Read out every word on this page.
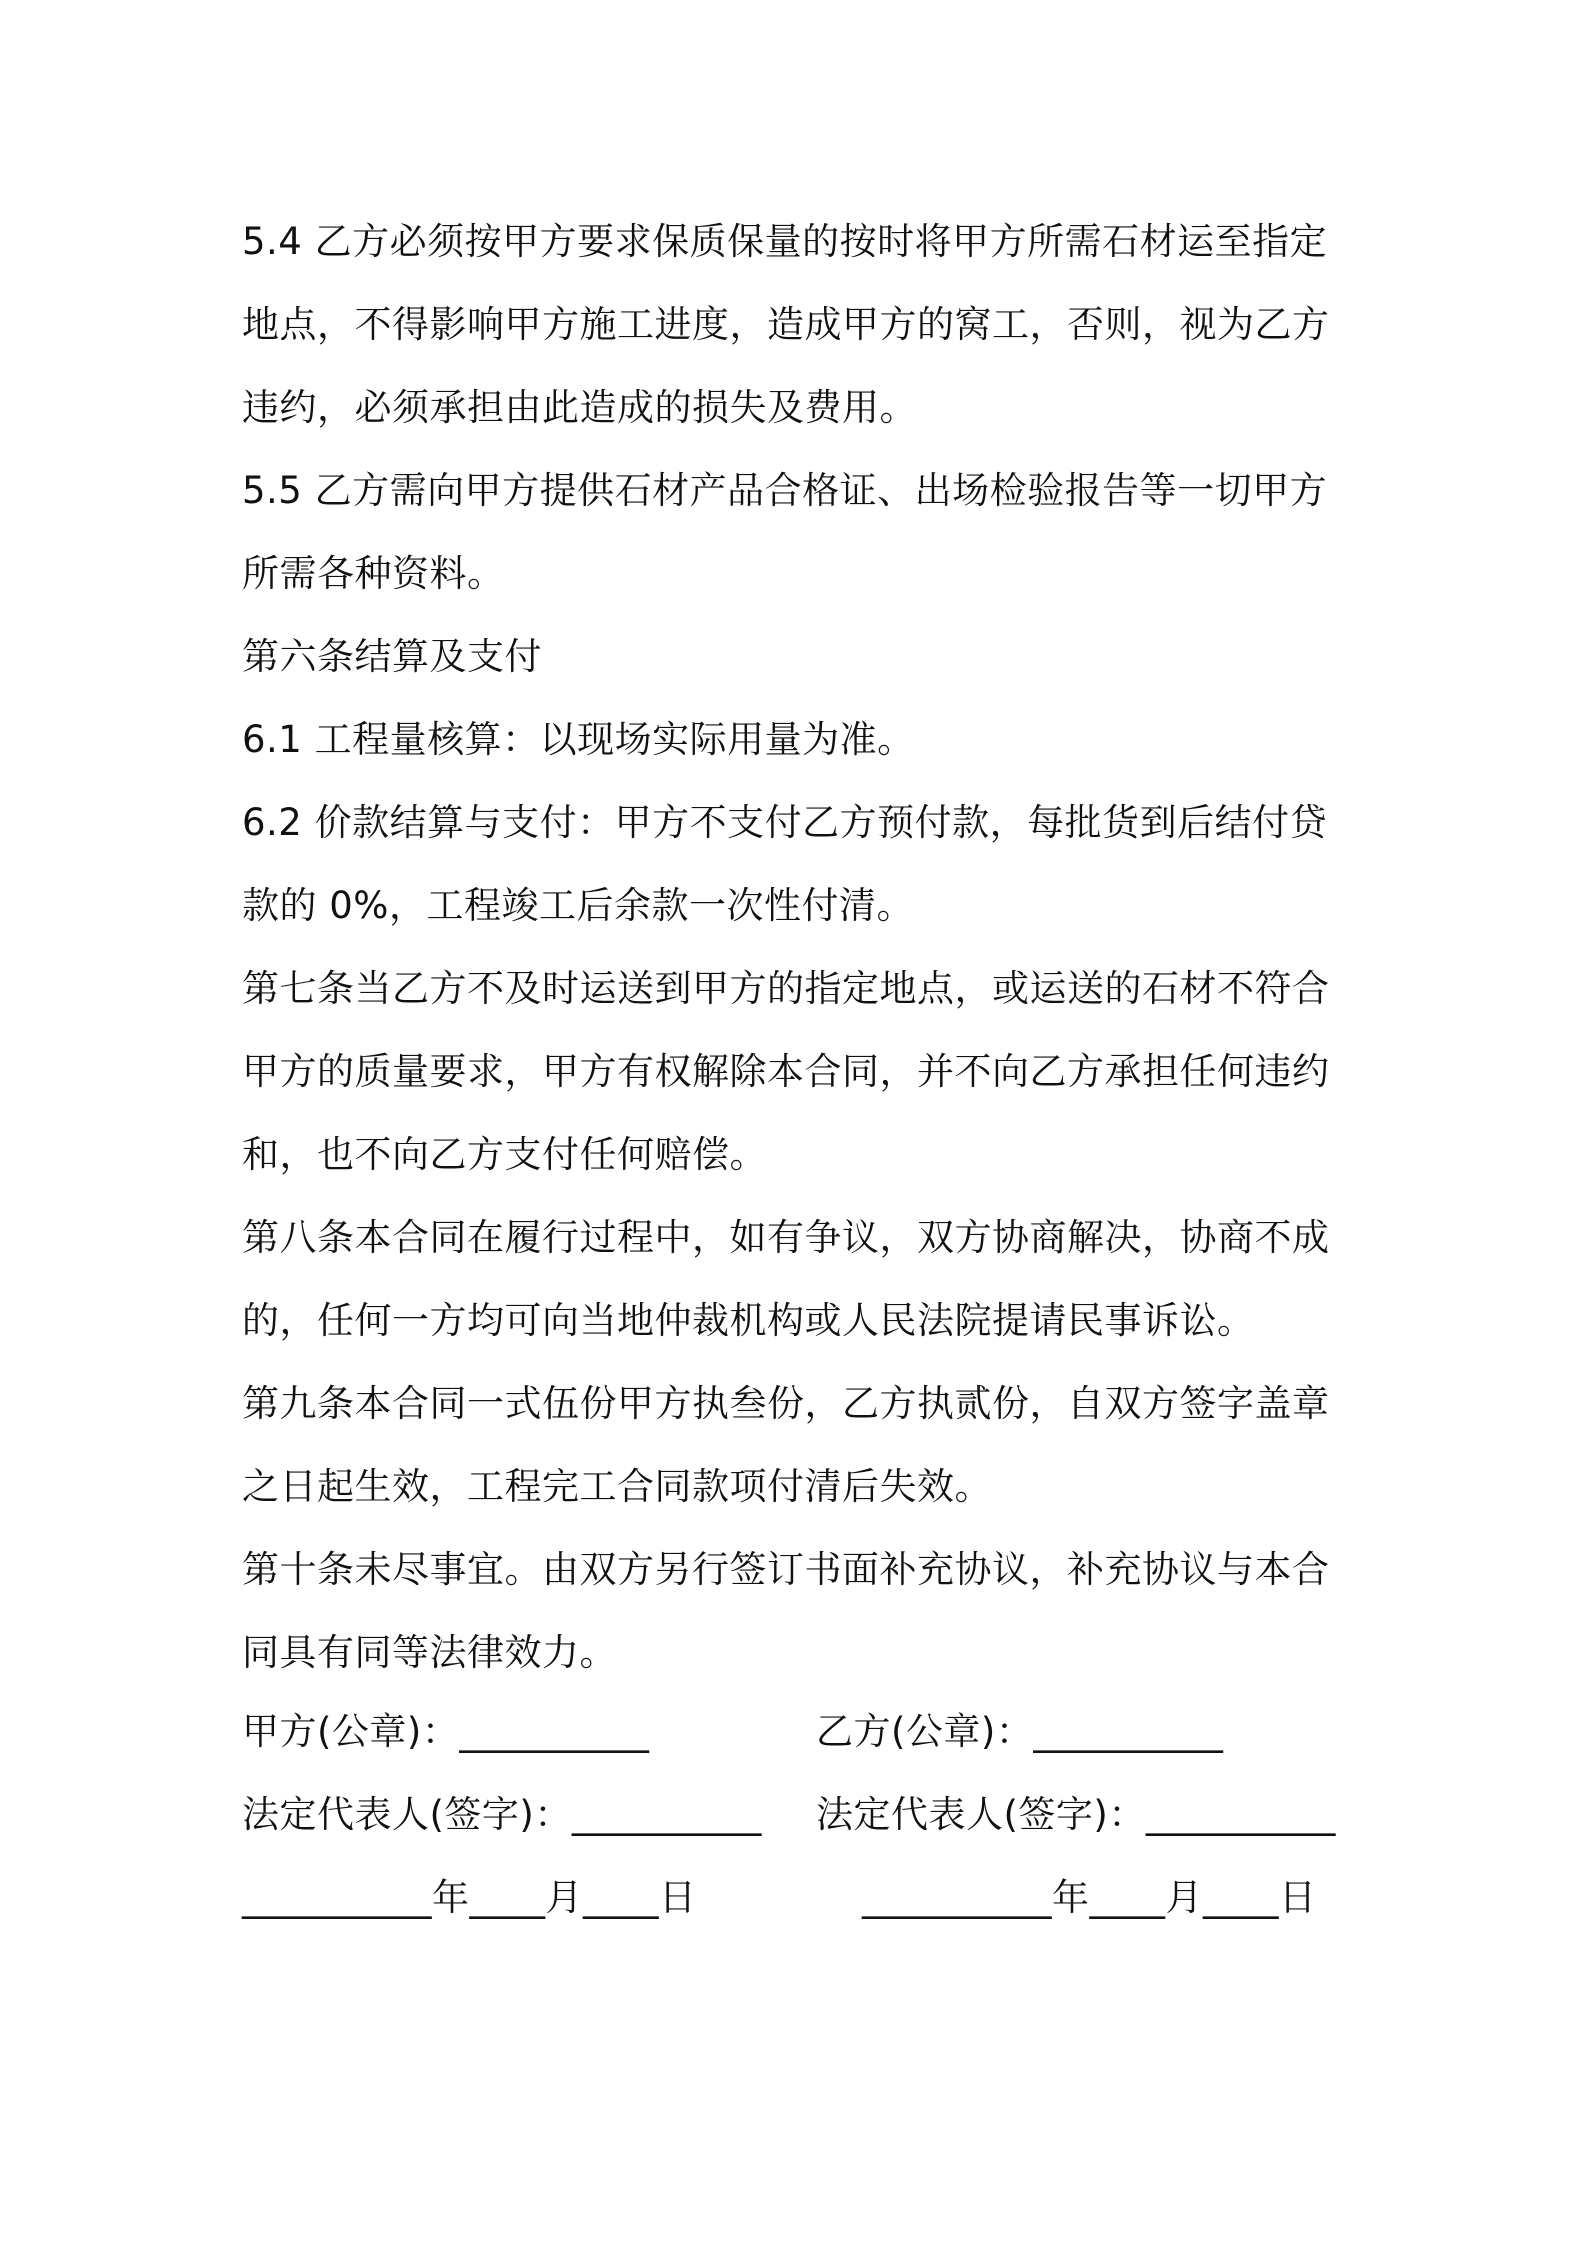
5.4 乙方必须按甲方要求保质保量的按时将甲方所需石材运至指定地点，不得影响甲方施工进度，造成甲方的窝工，否则，视为乙方违约，必须承担由此造成的损失及费用。

5.5 乙方需向甲方提供石材产品合格证、出场检验报告等一切甲方所需各种资料。

第六条结算及支付

6.1 工程量核算：以现场实际用量为准。

6.2 价款结算与支付：甲方不支付乙方预付款，每批货到后结付贷款的 0%，工程竣工后余款一次性付清。

第七条当乙方不及时运送到甲方的指定地点，或运送的石材不符合甲方的质量要求，甲方有权解除本合同，并不向乙方承担任何违约和，也不向乙方支付任何赔偿。

第八条本合同在履行过程中，如有争议，双方协商解决，协商不成的，任何一方均可向当地仲裁机构或人民法院提请民事诉讼。

第九条本合同一式伍份甲方执叁份，乙方执贰份，自双方签字盖章之日起生效，工程完工合同款项付清后失效。

第十条未尽事宜。由双方另行签订书面补充协议，补充协议与本合同具有同等法律效力。

甲方(公章)：__________	乙方(公章)：__________
法定代表人(签字)：__________ 法定代表人(签字)：__________
__________年____月____日	__________年____月____日
